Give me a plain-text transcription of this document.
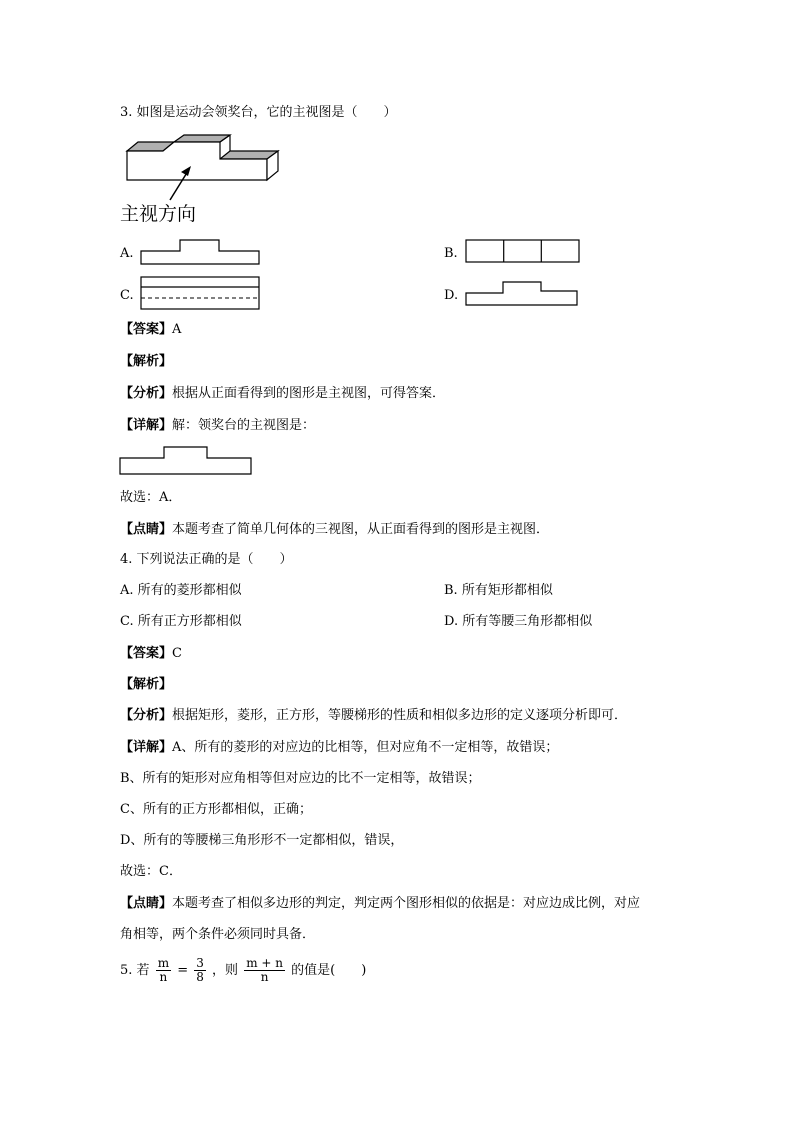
3. 如图是运动会领奖台，它的主视图是（　　）
主视方向
A.	B.
C.	D.
【答案】A
【解析】
【分析】根据从正面看得到的图形是主视图，可得答案．
【详解】解：领奖台的主视图是：
故选：A．
【点睛】本题考查了简单几何体的三视图，从正面看得到的图形是主视图．
4. 下列说法正确的是（　　）
A. 所有的菱形都相似	B. 所有矩形都相似
C. 所有正方形都相似	D. 所有等腰三角形都相似
【答案】C
【解析】
【分析】根据矩形，菱形，正方形，等腰梯形的性质和相似多边形的定义逐项分析即可．
【详解】A、所有的菱形的对应边的比相等，但对应角不一定相等，故错误；
B、所有的矩形对应角相等但对应边的比不一定相等，故错误；
C、所有的正方形都相似，正确；
D、所有的等腰梯三角形形不一定都相似，错误，
故选：C．
【点睛】本题考查了相似多边形的判定，判定两个图形相似的依据是：对应边成比例，对应
角相等，两个条件必须同时具备．
5. 若 $\frac{m}{n} = \frac{3}{8}$ ，则 $\frac{m + n}{n}$ 的值是(　　)
